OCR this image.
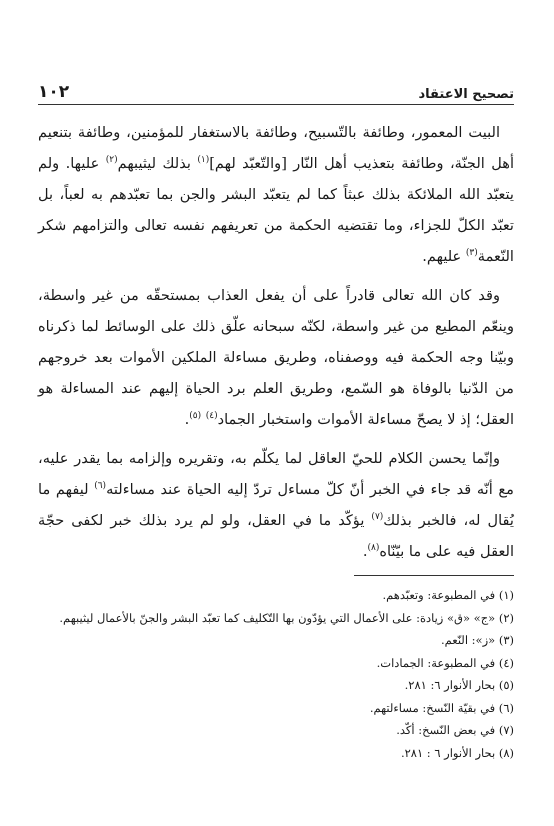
تصحيح الاعتقاد
١٠٢

البيت المعمور، وطائفة بالتّسبيح، وطائفة بالاستغفار للمؤمنين، وطائفة بتنعيم أهل الجنّة، وطائفة بتعذيب أهل النّار [والتّعبّد لهم]$^{(١)}$ بذلك ليثيبهم$^{(٢)}$ عليها. ولم يتعبّد الله الملائكة بذلك عبثاً كما لم يتعبّد البشر والجن بما تعبّدهم به لعباً، بل تعبّد الكلّ للجزاء، وما تقتضيه الحكمة من تعريفهم نفسه تعالى والتزامهم شكر النّعمة$^{(٣)}$ عليهم.

وقد كان الله تعالى قادراً على أن يفعل العذاب بمستحقّه من غير واسطة، وينعّم المطيع من غير واسطة، لكنّه سبحانه علّق ذلك على الوسائط لما ذكرناه وبيّنا وجه الحكمة فيه ووصفناه، وطريق مساءلة الملكين الأموات بعد خروجهم من الدّنيا بالوفاة هو السّمع، وطريق العلم برد الحياة إليهم عند المساءلة هو العقل؛ إذ لا يصحّ مساءلة الأموات واستخبار الجماد$^{(٤)}$ $^{(٥)}$.

وإنّما يحسن الكلام للحيّ العاقل لما يكلّم به، وتقريره وإلزامه بما يقدر عليه، مع أنّه قد جاء في الخبر أنّ كلّ مساءل تردّ إليه الحياة عند مساءلته$^{(٦)}$ ليفهم ما يُقال له، فالخبر بذلك$^{(٧)}$ يؤكّد ما في العقل، ولو لم يرد بذلك خبر لكفى حجّة العقل فيه على ما بيّنّاه$^{(٨)}$.

(١) في المطبوعة: وتعبّدهم.

(٢) «ج» «ق» زيادة: على الأعمال التي يؤدّون بها التّكليف كما تعبّد البشر والجنّ بالأعمال ليثيبهم.

(٣) «ز»: النّعم.

(٤) في المطبوعة: الجمادات.

(٥) بحار الأنوار ٦: ٢٨١.

(٦) في بقيّة النّسخ: مساءلتهم.

(٧) في بعض النّسخ: أكّد.

(٨) بحار الأنوار ٦ : ٢٨١.
